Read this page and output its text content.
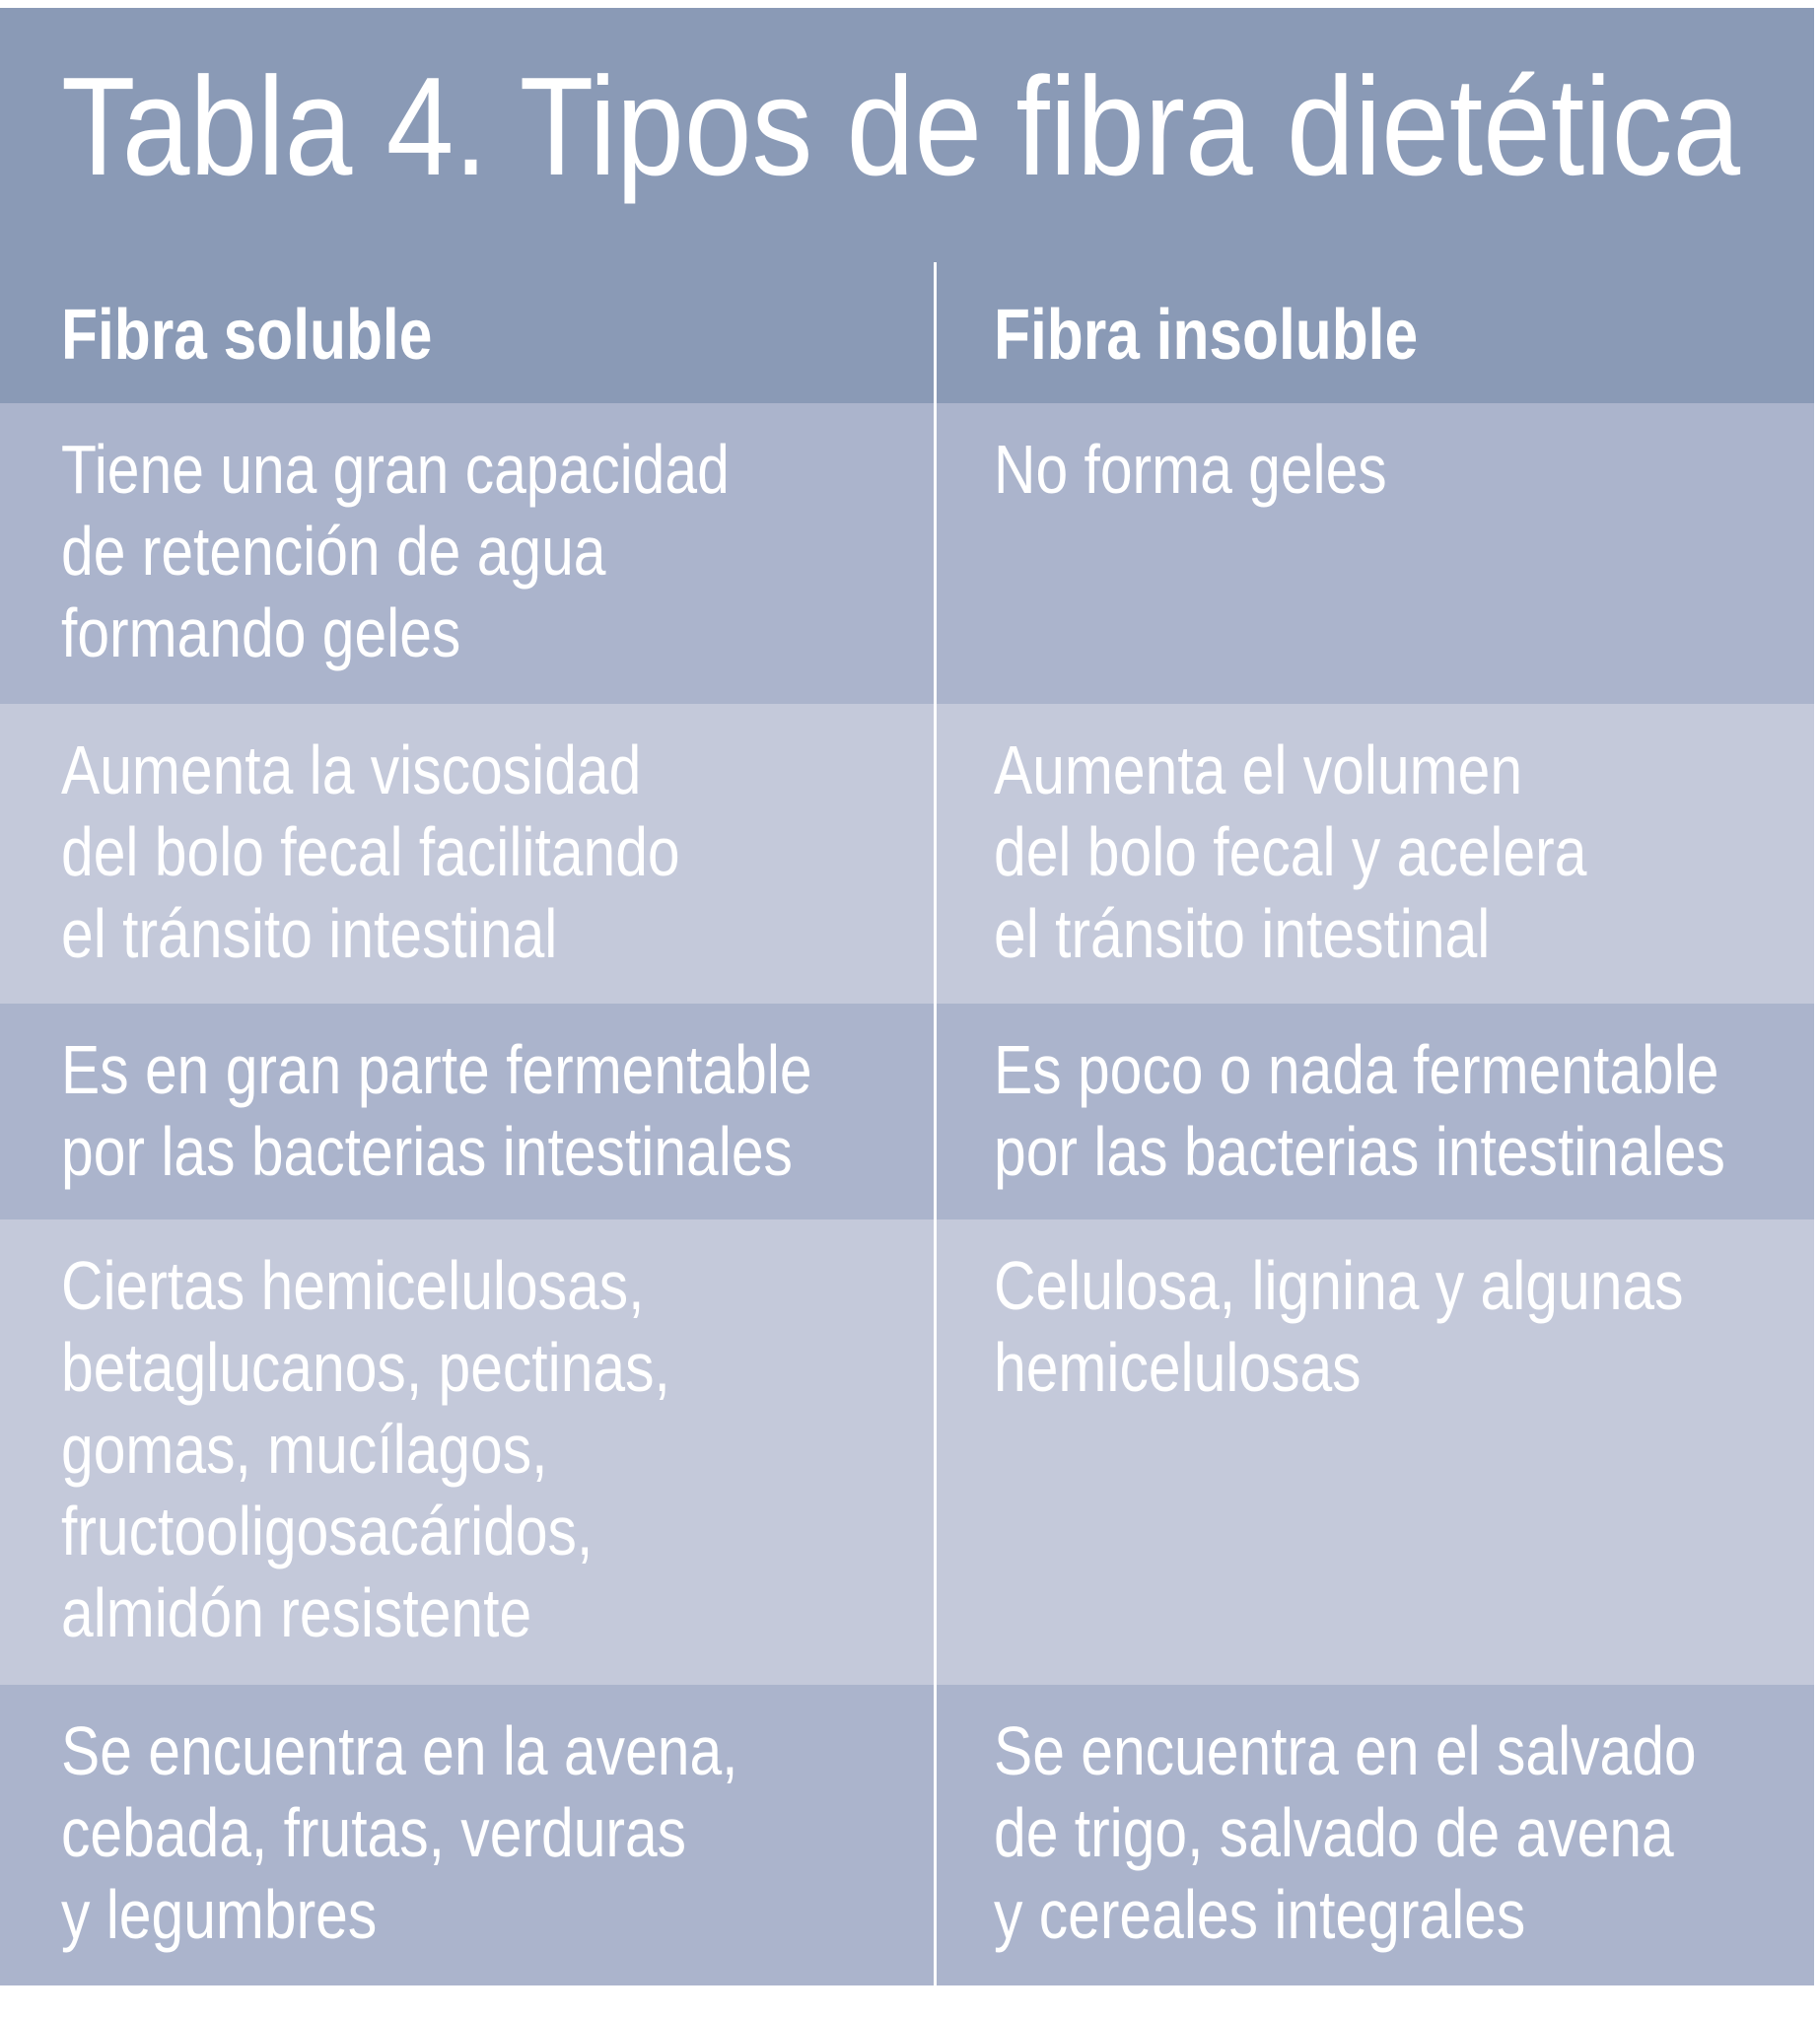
Tabla 4. Tipos de fibra dietética
Fibra soluble	Fibra insoluble
Tiene una gran capacidad
de retención de agua
formando geles
No forma geles
Aumenta la viscosidad
del bolo fecal facilitando
el tránsito intestinal
Aumenta el volumen
del bolo fecal y acelera
el tránsito intestinal
Es en gran parte fermentable
por las bacterias intestinales
Es poco o nada fermentable
por las bacterias intestinales
Ciertas hemicelulosas,
betaglucanos, pectinas,
gomas, mucílagos,
fructooligosacáridos,
almidón resistente
Celulosa, lignina y algunas
hemicelulosas
Se encuentra en la avena,
cebada, frutas, verduras
y legumbres
Se encuentra en el salvado
de trigo, salvado de avena
y cereales integrales
